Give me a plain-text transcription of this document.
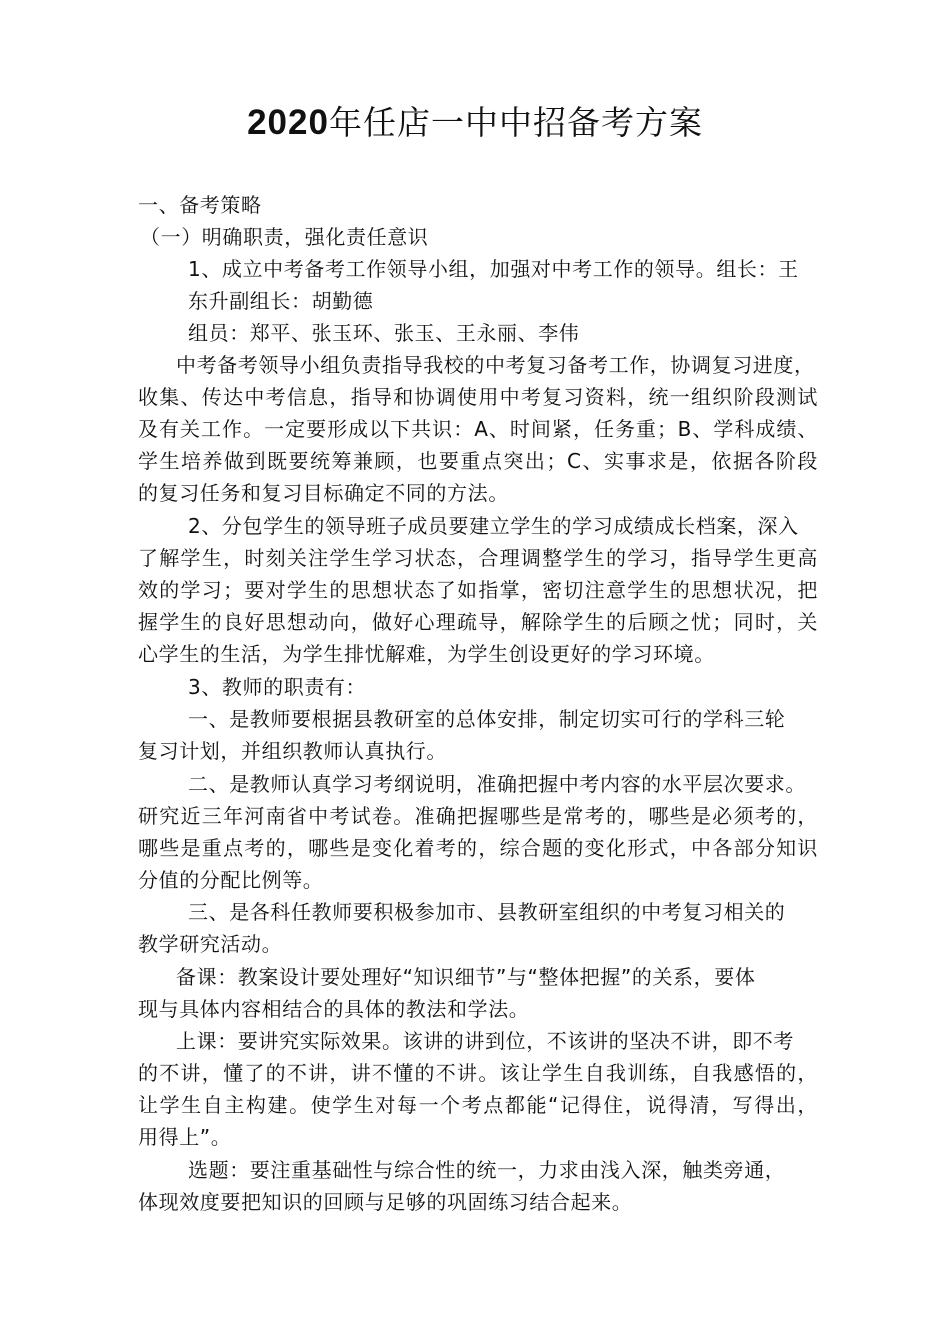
2020年任店一中中招备考方案
一、备考策略
（一）明确职责，强化责任意识
1、成立中考备考工作领导小组，加强对中考工作的领导。组长：王
东升副组长：胡勤德
组员：郑平、张玉环、张玉、王永丽、李伟
中考备考领导小组负责指导我校的中考复习备考工作，协调复习进度，
收集、传达中考信息，指导和协调使用中考复习资料，统一组织阶段测试
及有关工作。一定要形成以下共识：A、时间紧，任务重；B、学科成绩、
学生培养做到既要统筹兼顾，也要重点突出；C、实事求是，依据各阶段
的复习任务和复习目标确定不同的方法。
2、分包学生的领导班子成员要建立学生的学习成绩成长档案，深入
了解学生，时刻关注学生学习状态，合理调整学生的学习，指导学生更高
效的学习；要对学生的思想状态了如指掌，密切注意学生的思想状况，把
握学生的良好思想动向，做好心理疏导，解除学生的后顾之忧；同时，关
心学生的生活，为学生排忧解难，为学生创设更好的学习环境。
3、教师的职责有：
一、是教师要根据县教研室的总体安排，制定切实可行的学科三轮
复习计划，并组织教师认真执行。
二、是教师认真学习考纲说明，准确把握中考内容的水平层次要求。
研究近三年河南省中考试卷。准确把握哪些是常考的，哪些是必须考的，
哪些是重点考的，哪些是变化着考的，综合题的变化形式，中各部分知识
分值的分配比例等。
三、是各科任教师要积极参加市、县教研室组织的中考复习相关的
教学研究活动。
备课：教案设计要处理好“知识细节”与“整体把握”的关系，要体
现与具体内容相结合的具体的教法和学法。
上课：要讲究实际效果。该讲的讲到位，不该讲的坚决不讲，即不考
的不讲，懂了的不讲，讲不懂的不讲。该让学生自我训练，自我感悟的，
让学生自主构建。使学生对每一个考点都能“记得住，说得清，写得出，
用得上”。
选题：要注重基础性与综合性的统一，力求由浅入深，触类旁通，
体现效度要把知识的回顾与足够的巩固练习结合起来。
